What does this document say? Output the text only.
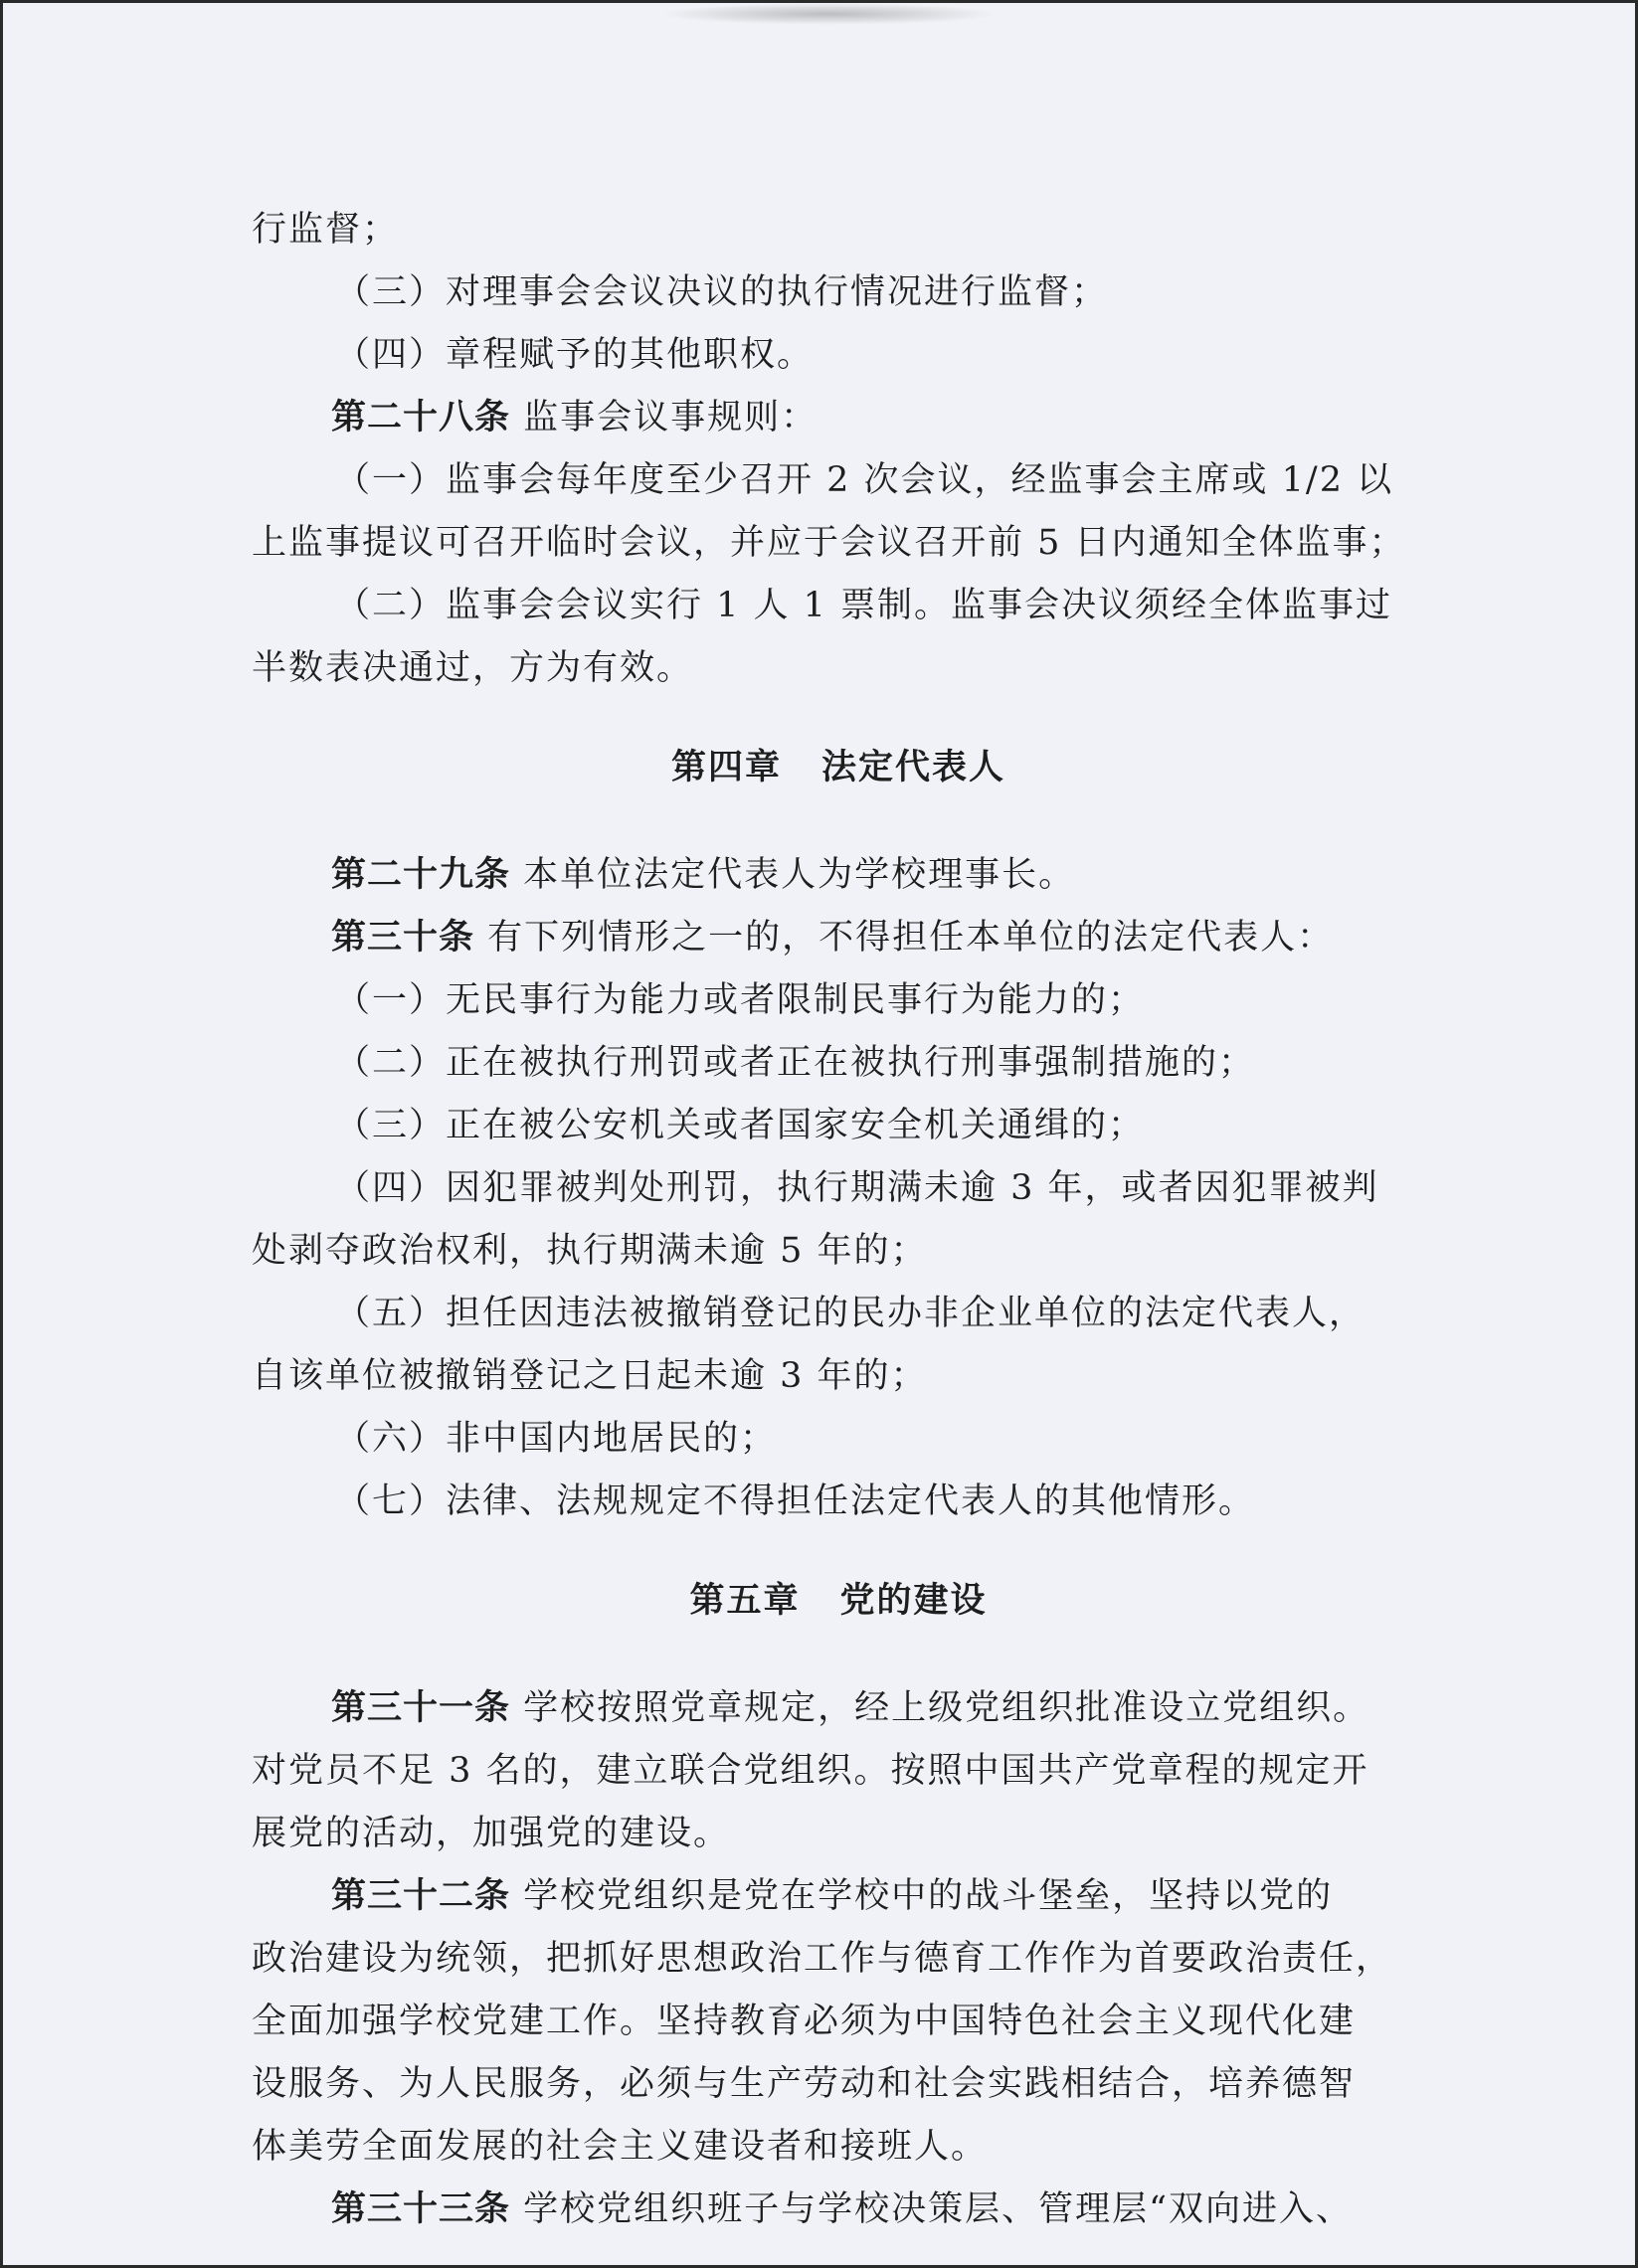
行监督；
（三）对理事会会议决议的执行情况进行监督；
（四）章程赋予的其他职权。
第二十八条 监事会议事规则：
（一）监事会每年度至少召开 2 次会议，经监事会主席或 1/2 以
上监事提议可召开临时会议，并应于会议召开前 5 日内通知全体监事；
（二）监事会会议实行 1 人 1 票制。监事会决议须经全体监事过
半数表决通过，方为有效。
第四章 法定代表人
第二十九条 本单位法定代表人为学校理事长。
第三十条 有下列情形之一的，不得担任本单位的法定代表人：
（一）无民事行为能力或者限制民事行为能力的；
（二）正在被执行刑罚或者正在被执行刑事强制措施的；
（三）正在被公安机关或者国家安全机关通缉的；
（四）因犯罪被判处刑罚，执行期满未逾 3 年，或者因犯罪被判
处剥夺政治权利，执行期满未逾 5 年的；
（五）担任因违法被撤销登记的民办非企业单位的法定代表人，
自该单位被撤销登记之日起未逾 3 年的；
（六）非中国内地居民的；
（七）法律、法规规定不得担任法定代表人的其他情形。
第五章 党的建设
第三十一条 学校按照党章规定，经上级党组织批准设立党组织。
对党员不足 3 名的，建立联合党组织。按照中国共产党章程的规定开
展党的活动，加强党的建设。
第三十二条 学校党组织是党在学校中的战斗堡垒，坚持以党的
政治建设为统领，把抓好思想政治工作与德育工作作为首要政治责任，
全面加强学校党建工作。坚持教育必须为中国特色社会主义现代化建
设服务、为人民服务，必须与生产劳动和社会实践相结合，培养德智
体美劳全面发展的社会主义建设者和接班人。
第三十三条 学校党组织班子与学校决策层、管理层“双向进入、
